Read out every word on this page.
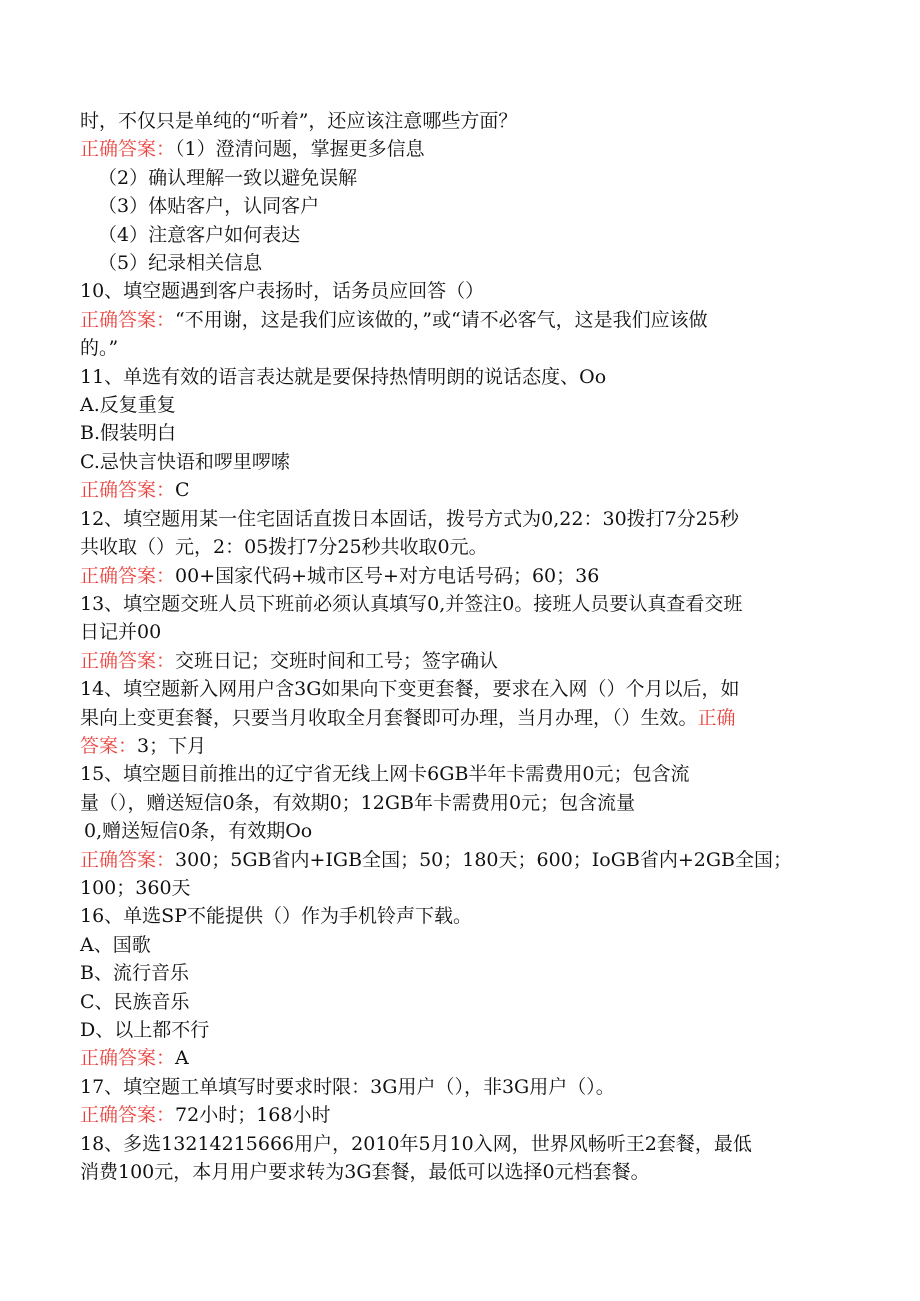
时，不仅只是单纯的“听着”，还应该注意哪些方面？

正确答案：（1）澄清问题，掌握更多信息

（2）确认理解一致以避免误解

（3）体贴客户，认同客户

（4）注意客户如何表达

（5）纪录相关信息

10、填空题遇到客户表扬时，话务员应回答（）

正确答案：“不用谢，这是我们应该做的，”或“请不必客气，这是我们应该做

的。”

11、单选有效的语言表达就是要保持热情明朗的说话态度、Oo

A.反复重复

B.假装明白

C.忌快言快语和啰里啰嗦

正确答案：C

12、填空题用某一住宅固话直拨日本固话，拨号方式为0,22：30拨打7分25秒

共收取（）元，2：05拨打7分25秒共收取0元。

正确答案：00+国家代码+城市区号+对方电话号码；60；36

13、填空题交班人员下班前必须认真填写0,并签注0。接班人员要认真查看交班

日记并00

正确答案：交班日记；交班时间和工号；签字确认

14、填空题新入网用户含3G如果向下变更套餐，要求在入网（）个月以后，如

果向上变更套餐，只要当月收取全月套餐即可办理，当月办理，（）生效。正确

答案：3；下月

15、填空题目前推出的辽宁省无线上网卡6GB半年卡需费用0元；包含流

量（），赠送短信0条，有效期0；12GB年卡需费用0元；包含流量

0,赠送短信0条，有效期Oo

正确答案：300；5GB省内+IGB全国；50；180天；600；IoGB省内+2GB全国；

100；360天

16、单选SP不能提供（）作为手机铃声下载。

A、国歌

B、流行音乐

C、民族音乐

D、以上都不行

正确答案：A

17、填空题工单填写时要求时限：3G用户（），非3G用户（）。

正确答案：72小时；168小时

18、多选13214215666用户，2010年5月10入网，世界风畅听王2套餐，最低

消费100元，本月用户要求转为3G套餐，最低可以选择0元档套餐。
